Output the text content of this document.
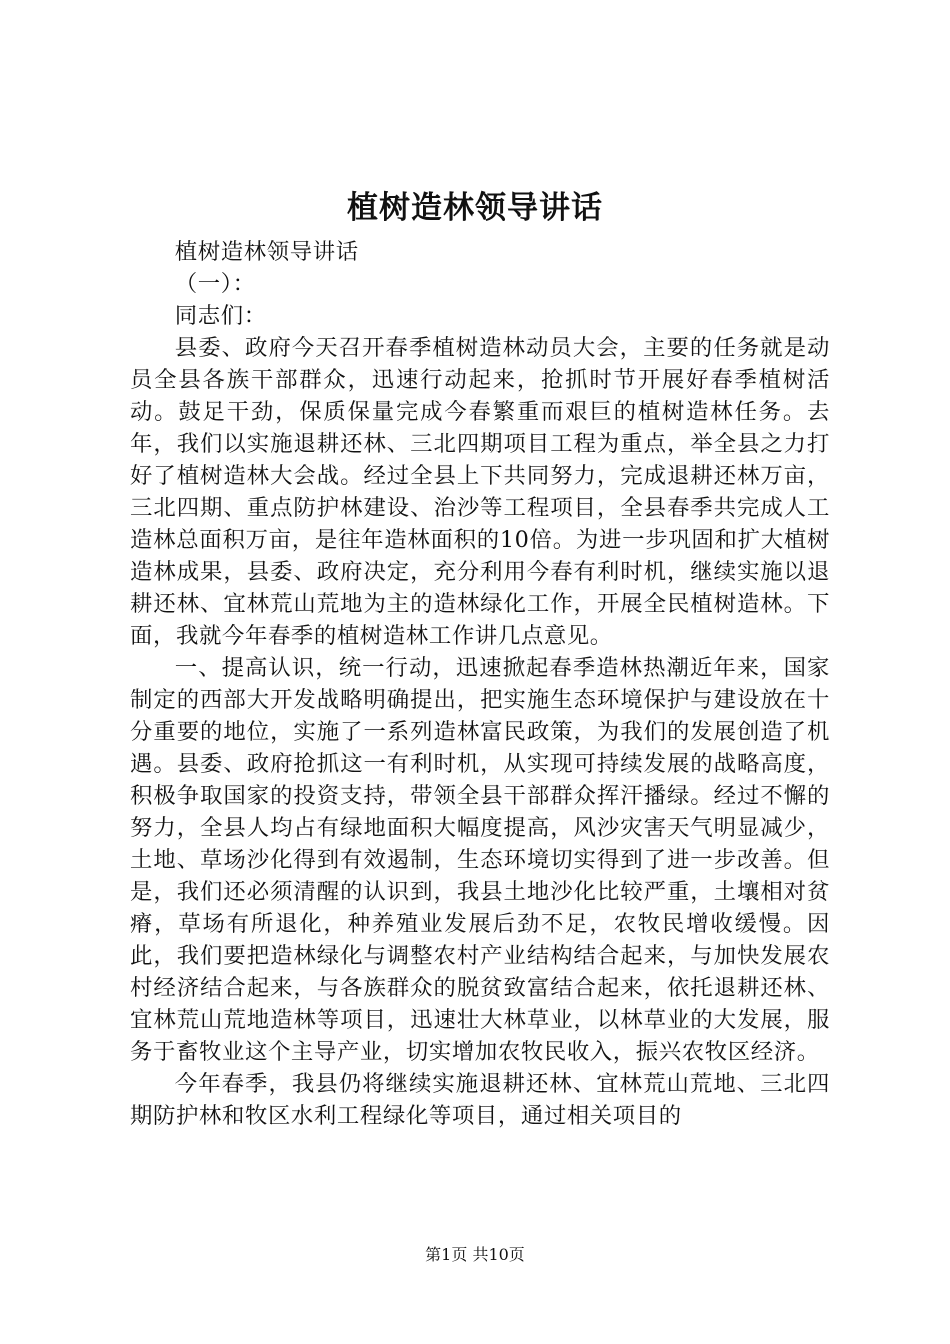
植树造林领导讲话

植树造林领导讲话

（一）：

同志们：

县委、政府今天召开春季植树造林动员大会，主要的任务就是动员全县各族干部群众，迅速行动起来，抢抓时节开展好春季植树活动。鼓足干劲，保质保量完成今春繁重而艰巨的植树造林任务。去年，我们以实施退耕还林、三北四期项目工程为重点，举全县之力打好了植树造林大会战。经过全县上下共同努力，完成退耕还林万亩，三北四期、重点防护林建设、治沙等工程项目，全县春季共完成人工造林总面积万亩，是往年造林面积的10倍。为进一步巩固和扩大植树造林成果，县委、政府决定，充分利用今春有利时机，继续实施以退耕还林、宜林荒山荒地为主的造林绿化工作，开展全民植树造林。下面，我就今年春季的植树造林工作讲几点意见。

一、提高认识，统一行动，迅速掀起春季造林热潮近年来，国家制定的西部大开发战略明确提出，把实施生态环境保护与建设放在十分重要的地位，实施了一系列造林富民政策，为我们的发展创造了机遇。县委、政府抢抓这一有利时机，从实现可持续发展的战略高度，积极争取国家的投资支持，带领全县干部群众挥汗播绿。经过不懈的努力，全县人均占有绿地面积大幅度提高，风沙灾害天气明显减少，土地、草场沙化得到有效遏制，生态环境切实得到了进一步改善。但是，我们还必须清醒的认识到，我县土地沙化比较严重，土壤相对贫瘠，草场有所退化，种养殖业发展后劲不足，农牧民增收缓慢。因此，我们要把造林绿化与调整农村产业结构结合起来，与加快发展农村经济结合起来，与各族群众的脱贫致富结合起来，依托退耕还林、宜林荒山荒地造林等项目，迅速壮大林草业，以林草业的大发展，服务于畜牧业这个主导产业，切实增加农牧民收入，振兴农牧区经济。

今年春季，我县仍将继续实施退耕还林、宜林荒山荒地、三北四期防护林和牧区水利工程绿化等项目，通过相关项目的

第1页 共10页
